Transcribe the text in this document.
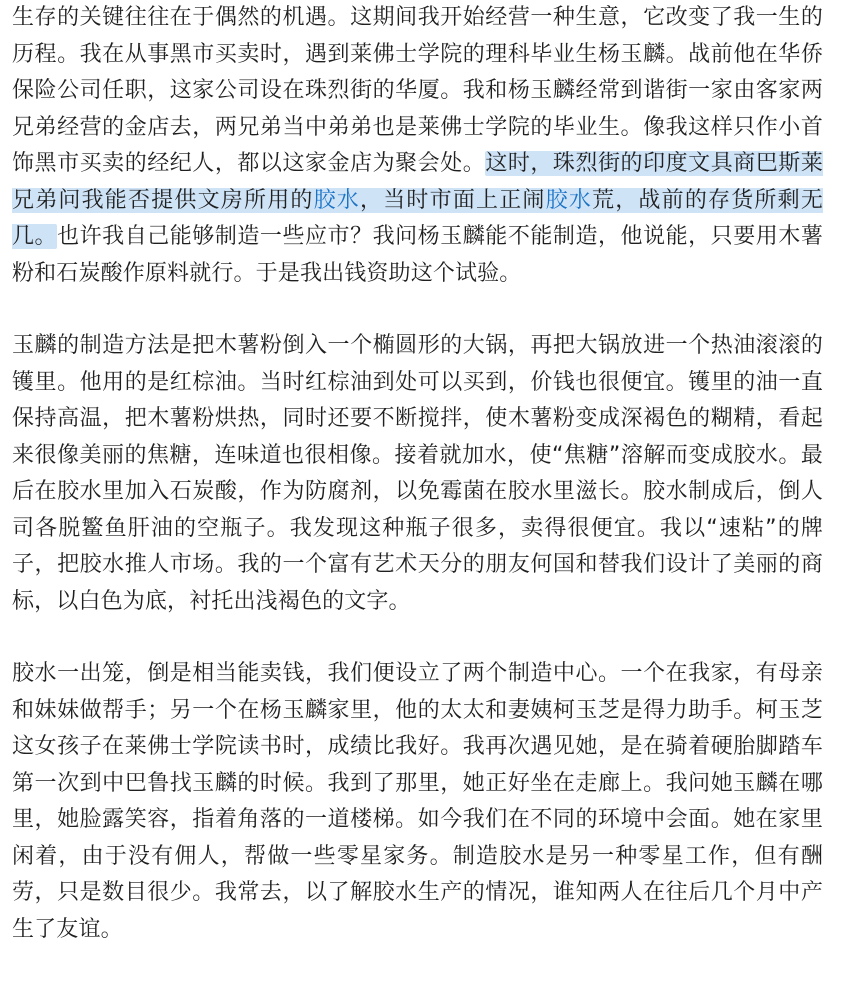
生存的关键往往在于偶然的机遇。这期间我开始经营一种生意，它改变了我一生的历程。我在从事黑市买卖时，遇到莱佛士学院的理科毕业生杨玉麟。战前他在华侨保险公司任职，这家公司设在珠烈街的华厦。我和杨玉麟经常到谐街一家由客家两兄弟经营的金店去，两兄弟当中弟弟也是莱佛士学院的毕业生。像我这样只作小首饰黑市买卖的经纪人，都以这家金店为聚会处。这时，珠烈街的印度文具商巴斯莱兄弟问我能否提供文房所用的胶水，当时市面上正闹胶水荒，战前的存货所剩无几。也许我自己能够制造一些应市？我问杨玉麟能不能制造，他说能，只要用木薯粉和石炭酸作原料就行。于是我出钱资助这个试验。

玉麟的制造方法是把木薯粉倒入一个椭圆形的大锅，再把大锅放进一个热油滚滚的镬里。他用的是红棕油。当时红棕油到处可以买到，价钱也很便宜。镬里的油一直保持高温，把木薯粉烘热，同时还要不断搅拌，使木薯粉变成深褐色的糊精，看起来很像美丽的焦糖，连味道也很相像。接着就加水，使“焦糖”溶解而变成胶水。最后在胶水里加入石炭酸，作为防腐剂，以免霉菌在胶水里滋长。胶水制成后，倒人司各脱鳘鱼肝油的空瓶子。我发现这种瓶子很多，卖得很便宜。我以“速粘”的牌子，把胶水推人市场。我的一个富有艺术天分的朋友何国和替我们设计了美丽的商标，以白色为底，衬托出浅褐色的文字。

胶水一出笼，倒是相当能卖钱，我们便设立了两个制造中心。一个在我家，有母亲和妹妹做帮手；另一个在杨玉麟家里，他的太太和妻姨柯玉芝是得力助手。柯玉芝这女孩子在莱佛士学院读书时，成绩比我好。我再次遇见她，是在骑着硬胎脚踏车第一次到中巴鲁找玉麟的时候。我到了那里，她正好坐在走廊上。我问她玉麟在哪里，她脸露笑容，指着角落的一道楼梯。如今我们在不同的环境中会面。她在家里闲着，由于没有佣人，帮做一些零星家务。制造胶水是另一种零星工作，但有酬劳，只是数目很少。我常去，以了解胶水生产的情况，谁知两人在往后几个月中产生了友谊。
